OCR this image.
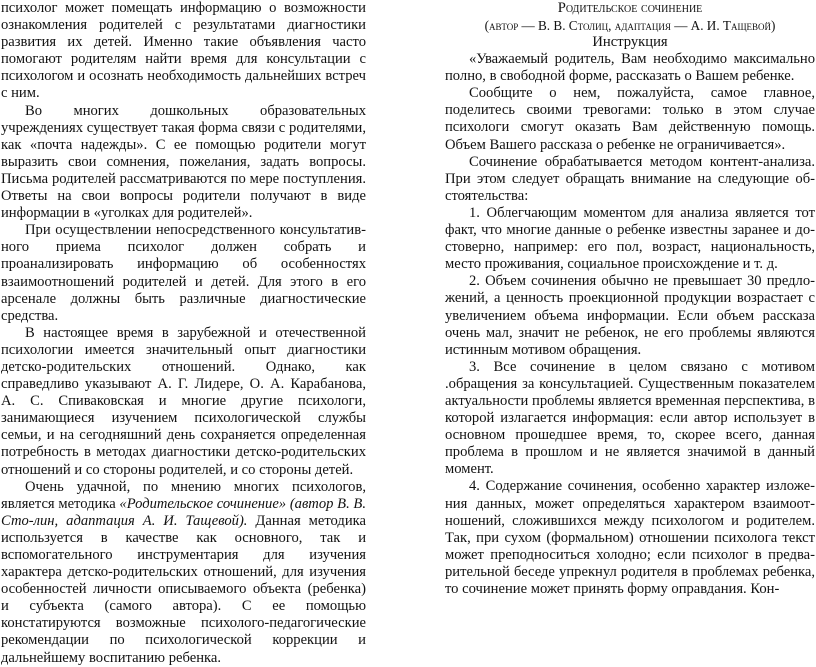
психолог может помещать информацию о возможности ознакомления родителей с результатами диагностики развития их детей. Именно такие объявления часто помогают родителям найти время для консультации с психологом и осознать необходимость дальнейших встреч с ним.

Во многих дошкольных образовательных учреждениях существует такая форма связи с родителями, как «почта надежды». С ее помощью родители могут выразить свои сомнения, пожелания, задать вопросы. Письма родителей рассматриваются по мере поступления. Ответы на свои вопросы родители получают в виде информации в «уголках для родителей».

При осуществлении непосредственного консультативного приема психолог должен собрать и проанализировать информацию об особенностях взаимоотношений родителей и детей. Для этого в его арсенале должны быть различные диагностические средства.

В настоящее время в зарубежной и отечественной психологии имеется значительный опыт диагностики детско-родительских отношений. Однако, как справедливо указывают А. Г. Лидере, О. А. Карабанова, А. С. Спиваковская и многие другие психологи, занимающиеся изучением психологической службы семьи, и на сегодняшний день сохраняется определенная потребность в методах диагностики детско-родительских отношений и со стороны родителей, и со стороны детей.

Очень удачной, по мнению многих психологов, является методика «Родительское сочинение» (автор В. В. Сто-лин, адаптация А. И. Тащевой). Данная методика используется в качестве как основного, так и вспомогательного инструментария для изучения характера детско-родительских отношений, для изучения особенностей личности описываемого объекта (ребенка) и субъекта (самого автора). С ее помощью констатируются возможные психолого-педагогические рекомендации по психологической коррекции и дальнейшему воспитанию ребенка.

Родительское сочинение

(автор — В. В. Столиц, адаптация — А. И. Тащевой)

Инструкция

«Уважаемый родитель, Вам необходимо максимально полно, в свободной форме, рассказать о Вашем ребенке.

Сообщите о нем, пожалуйста, самое главное, поделитесь своими тревогами: только в этом случае психологи смогут оказать Вам действенную помощь. Объем Вашего рассказа о ребенке не ограничивается».

Сочинение обрабатывается методом контент-анализа. При этом следует обращать внимание на следующие обстоятельства:

1. Облегчающим моментом для анализа является тот факт, что многие данные о ребенке известны заранее и достоверно, например: его пол, возраст, национальность, место проживания, социальное происхождение и т. д.

2. Объем сочинения обычно не превышает 30 предложений, а ценность проекционной продукции возрастает с увеличением объема информации. Если объем рассказа очень мал, значит не ребенок, не его проблемы являются истинным мотивом обращения.

3. Все сочинение в целом связано с мотивом .обращения за консультацией. Существенным показателем актуальности проблемы является временная перспектива, в которой излагается информация: если автор использует в основном прошедшее время, то, скорее всего, данная проблема в прошлом и не является значимой в данный момент.

4. Содержание сочинения, особенно характер изложения данных, может определяться характером взаимоотношений, сложившихся между психологом и родителем. Так, при сухом (формальном) отношении психолога текст может преподноситься холодно; если психолог в предварительной беседе упрекнул родителя в проблемах ребенка, то сочинение может принять форму оправдания. Кон-
